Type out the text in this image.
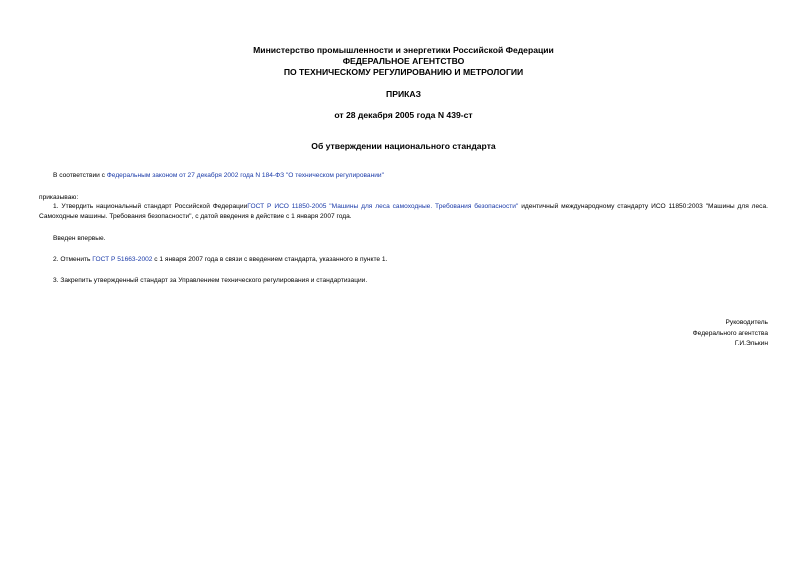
Министерство промышленности и энергетики Российской Федерации
ФЕДЕРАЛЬНОЕ АГЕНТСТВО
ПО ТЕХНИЧЕСКОМУ РЕГУЛИРОВАНИЮ И МЕТРОЛОГИИ
ПРИКАЗ
от 28 декабря 2005 года N 439-ст
Об утверждении национального стандарта
В соответствии с Федеральным законом от 27 декабря 2002 года N 184-ФЗ "О техническом регулировании"
приказываю:
1. Утвердить национальный стандарт Российской ФедерацииГОСТ Р ИСО 11850-2005 "Машины для леса самоходные. Требования безопасности" идентичный международному стандарту ИСО 11850:2003 "Машины для леса. Самоходные машины. Требования безопасности", с датой введения в действие с 1 января 2007 года.
Введен впервые.
2. Отменить ГОСТ Р 51663-2002 с 1 января 2007 года в связи с введением стандарта, указанного в пункте 1.
3. Закрепить утвержденный стандарт за Управлением технического регулирования и стандартизации.
Руководитель
Федерального агентства
Г.И.Элькин
